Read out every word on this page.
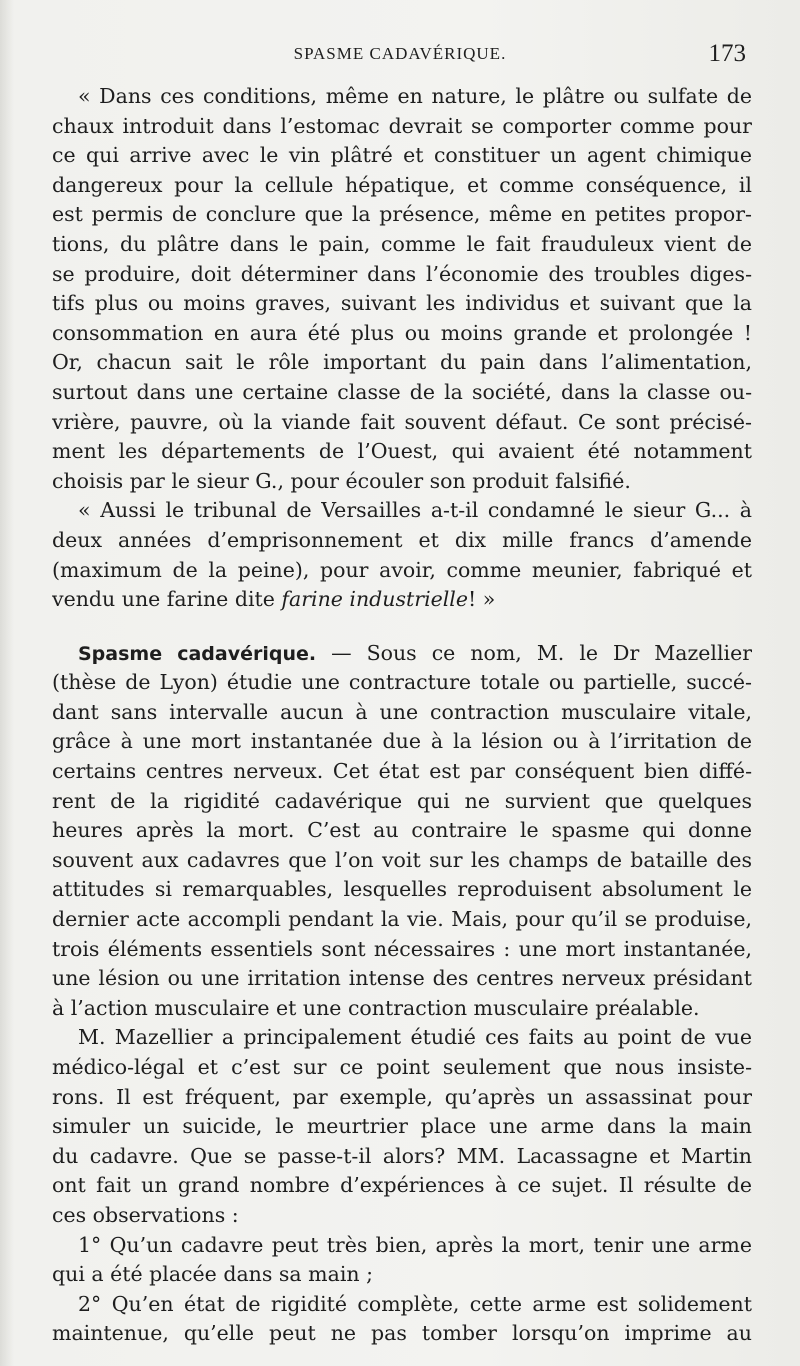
SPASME CADAVÉRIQUE.	173
« Dans ces conditions, même en nature, le plâtre ou sulfate de
chaux introduit dans l’estomac devrait se comporter comme pour
ce qui arrive avec le vin plâtré et constituer un agent chimique
dangereux pour la cellule hépatique, et comme conséquence, il
est permis de conclure que la présence, même en petites propor-
tions, du plâtre dans le pain, comme le fait frauduleux vient de
se produire, doit déterminer dans l’économie des troubles diges-
tifs plus ou moins graves, suivant les individus et suivant que la
consommation en aura été plus ou moins grande et prolongée !
Or, chacun sait le rôle important du pain dans l’alimentation,
surtout dans une certaine classe de la société, dans la classe ou-
vrière, pauvre, où la viande fait souvent défaut. Ce sont précisé-
ment les départements de l’Ouest, qui avaient été notamment
choisis par le sieur G., pour écouler son produit falsifié.
« Aussi le tribunal de Versailles a-t-il condamné le sieur G... à
deux années d’emprisonnement et dix mille francs d’amende
(maximum de la peine), pour avoir, comme meunier, fabriqué et
vendu une farine dite farine industrielle! »
Spasme cadavérique. — Sous ce nom, M. le Dr Mazellier
(thèse de Lyon) étudie une contracture totale ou partielle, succé-
dant sans intervalle aucun à une contraction musculaire vitale,
grâce à une mort instantanée due à la lésion ou à l’irritation de
certains centres nerveux. Cet état est par conséquent bien diffé-
rent de la rigidité cadavérique qui ne survient que quelques
heures après la mort. C’est au contraire le spasme qui donne
souvent aux cadavres que l’on voit sur les champs de bataille des
attitudes si remarquables, lesquelles reproduisent absolument le
dernier acte accompli pendant la vie. Mais, pour qu’il se produise,
trois éléments essentiels sont nécessaires : une mort instantanée,
une lésion ou une irritation intense des centres nerveux présidant
à l’action musculaire et une contraction musculaire préalable.
M. Mazellier a principalement étudié ces faits au point de vue
médico-légal et c’est sur ce point seulement que nous insiste-
rons. Il est fréquent, par exemple, qu’après un assassinat pour
simuler un suicide, le meurtrier place une arme dans la main
du cadavre. Que se passe-t-il alors? MM. Lacassagne et Martin
ont fait un grand nombre d’expériences à ce sujet. Il résulte de
ces observations :
1° Qu’un cadavre peut très bien, après la mort, tenir une arme
qui a été placée dans sa main ;
2° Qu’en état de rigidité complète, cette arme est solidement
maintenue, qu’elle peut ne pas tomber lorsqu’on imprime au
